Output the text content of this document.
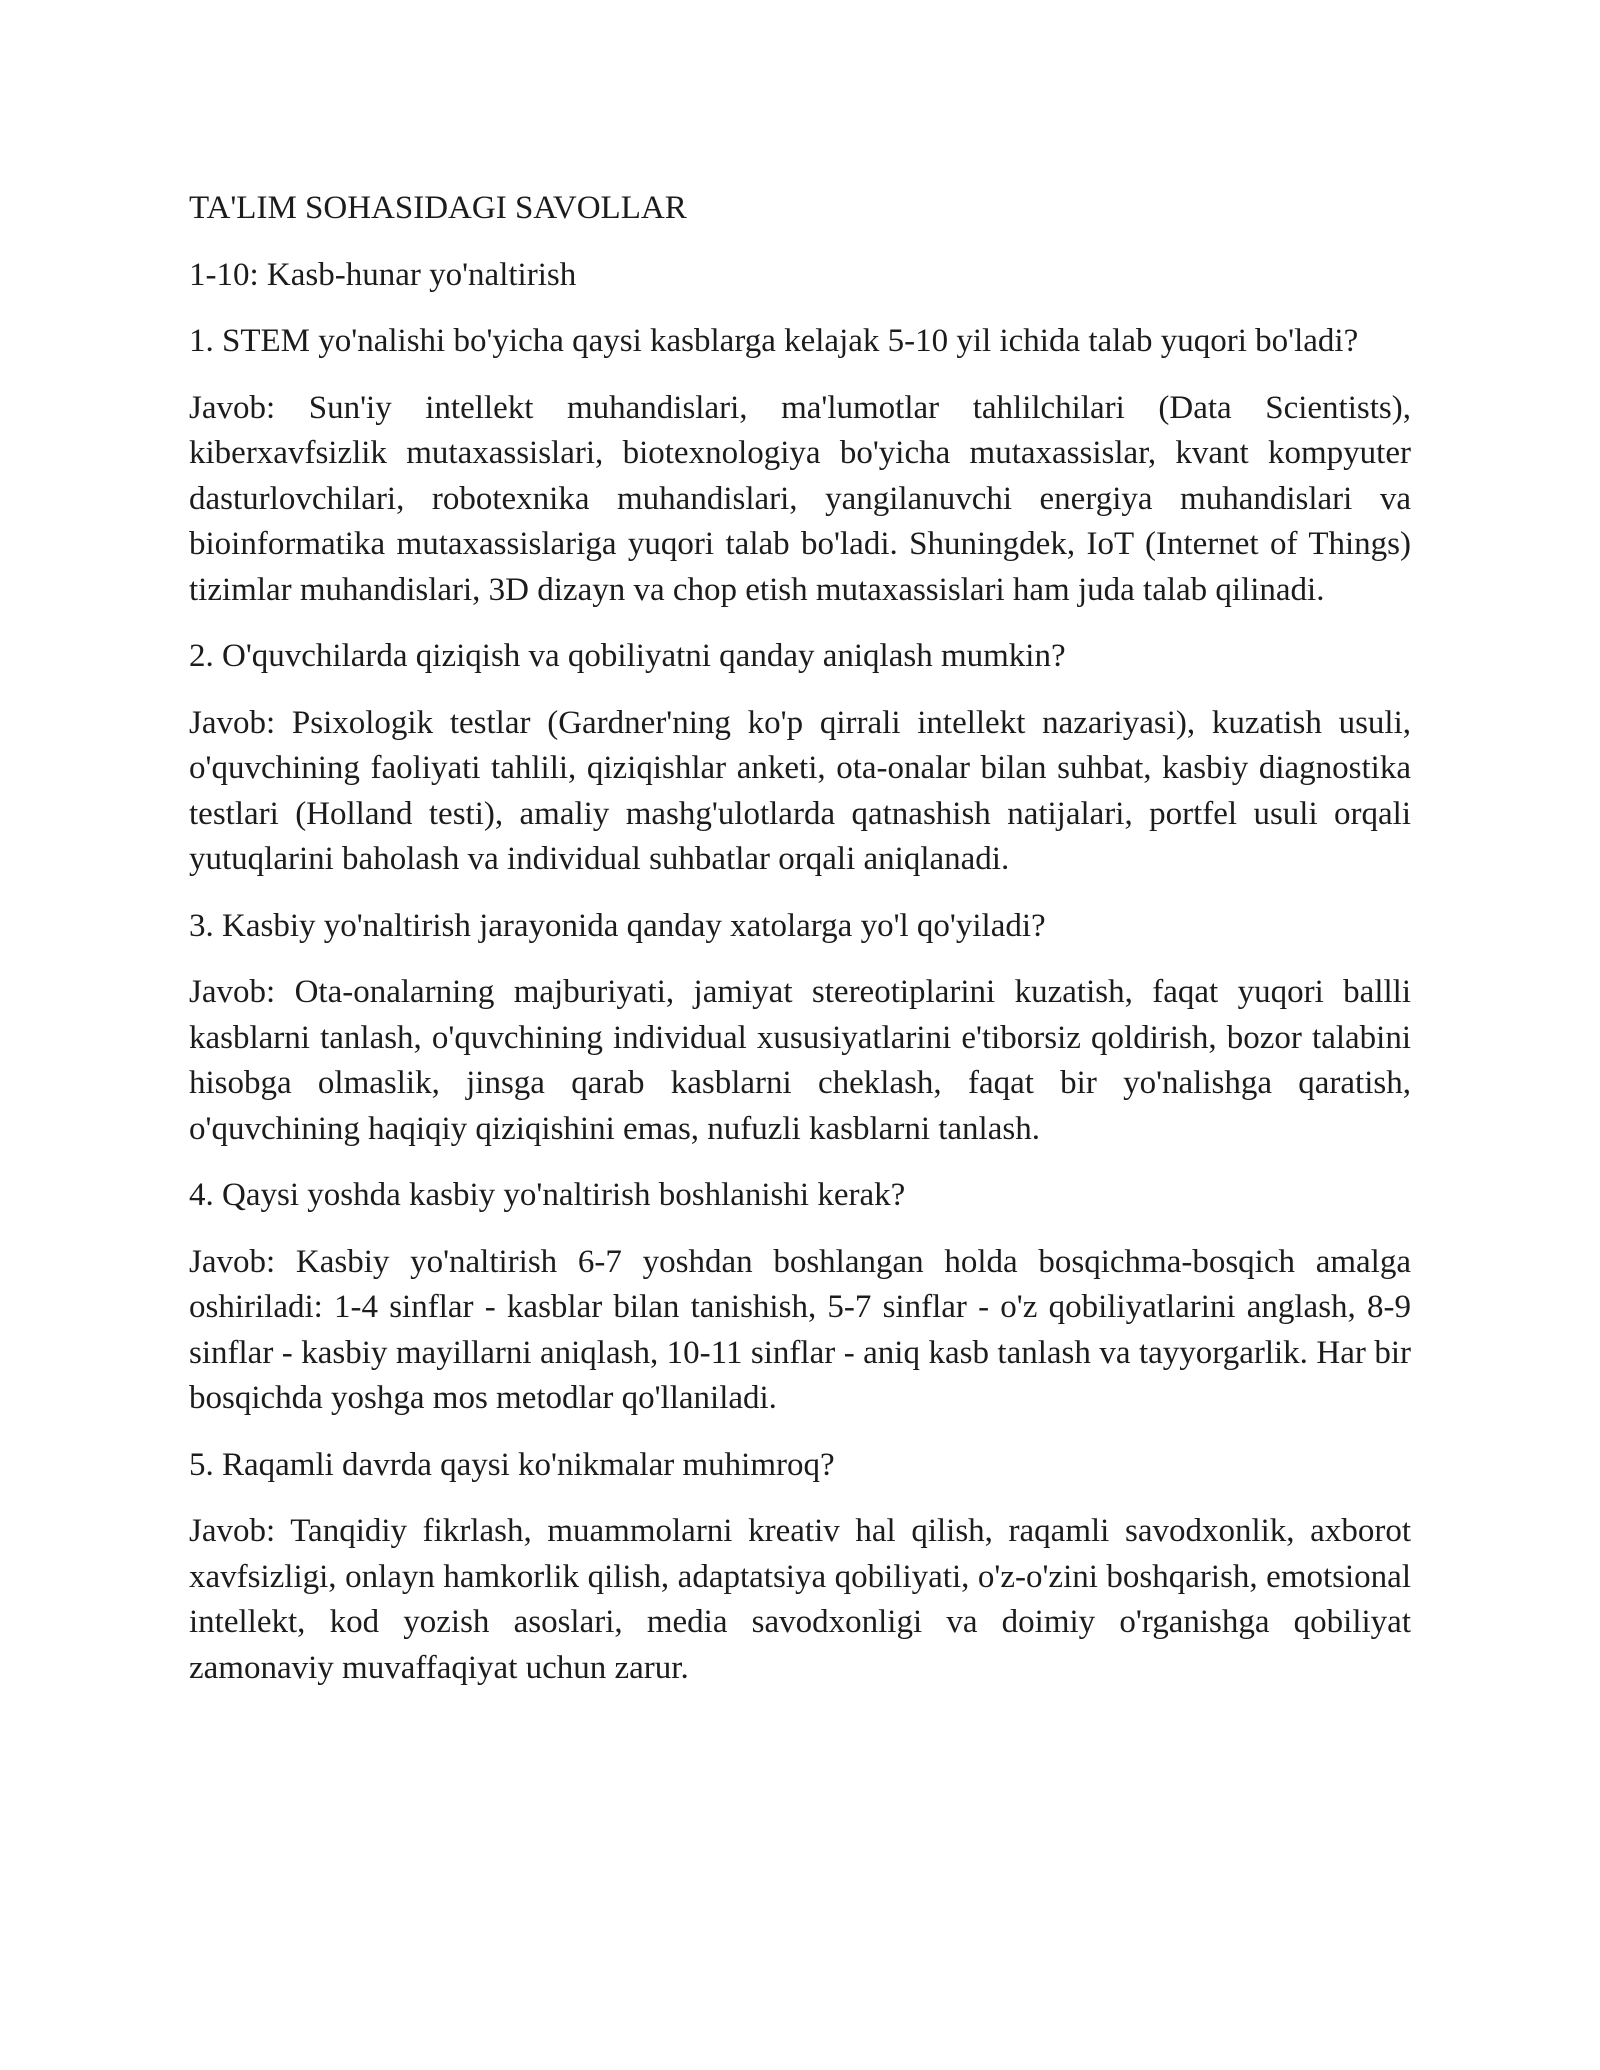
TA'LIM SOHASIDAGI SAVOLLAR

1-10: Kasb-hunar yo'naltirish

1. STEM yo'nalishi bo'yicha qaysi kasblarga kelajak 5-10 yil ichida talab yuqori bo'ladi?

Javob: Sun'iy intellekt muhandislari, ma'lumotlar tahlilchilari (Data Scientists), kiberxavfsizlik mutaxassislari, biotexnologiya bo'yicha mutaxassislar, kvant kompyuter dasturlovchilari, robotexnika muhandislari, yangilanuvchi energiya muhandislari va bioinformatika mutaxassislariga yuqori talab bo'ladi. Shuningdek, IoT (Internet of Things) tizimlar muhandislari, 3D dizayn va chop etish mutaxassislari ham juda talab qilinadi.

2. O'quvchilarda qiziqish va qobiliyatni qanday aniqlash mumkin?

Javob: Psixologik testlar (Gardner'ning ko'p qirrali intellekt nazariyasi), kuzatish usuli, o'quvchining faoliyati tahlili, qiziqishlar anketi, ota-onalar bilan suhbat, kasbiy diagnostika testlari (Holland testi), amaliy mashg'ulotlarda qatnashish natijalari, portfel usuli orqali yutuqlarini baholash va individual suhbatlar orqali aniqlanadi.

3. Kasbiy yo'naltirish jarayonida qanday xatolarga yo'l qo'yiladi?

Javob: Ota-onalarning majburiyati, jamiyat stereotiplarini kuzatish, faqat yuqori ballli kasblarni tanlash, o'quvchining individual xususiyatlarini e'tiborsiz qoldirish, bozor talabini hisobga olmaslik, jinsga qarab kasblarni cheklash, faqat bir yo'nalishga qaratish, o'quvchining haqiqiy qiziqishini emas, nufuzli kasblarni tanlash.

4. Qaysi yoshda kasbiy yo'naltirish boshlanishi kerak?

Javob: Kasbiy yo'naltirish 6-7 yoshdan boshlangan holda bosqichma-bosqich amalga oshiriladi: 1-4 sinflar - kasblar bilan tanishish, 5-7 sinflar - o'z qobiliyatlarini anglash, 8-9 sinflar - kasbiy mayillarni aniqlash, 10-11 sinflar - aniq kasb tanlash va tayyorgarlik. Har bir bosqichda yoshga mos metodlar qo'llaniladi.

5. Raqamli davrda qaysi ko'nikmalar muhimroq?

Javob: Tanqidiy fikrlash, muammolarni kreativ hal qilish, raqamli savodxonlik, axborot xavfsizligi, onlayn hamkorlik qilish, adaptatsiya qobiliyati, o'z-o'zini boshqarish, emotsional intellekt, kod yozish asoslari, media savodxonligi va doimiy o'rganishga qobiliyat zamonaviy muvaffaqiyat uchun zarur.
